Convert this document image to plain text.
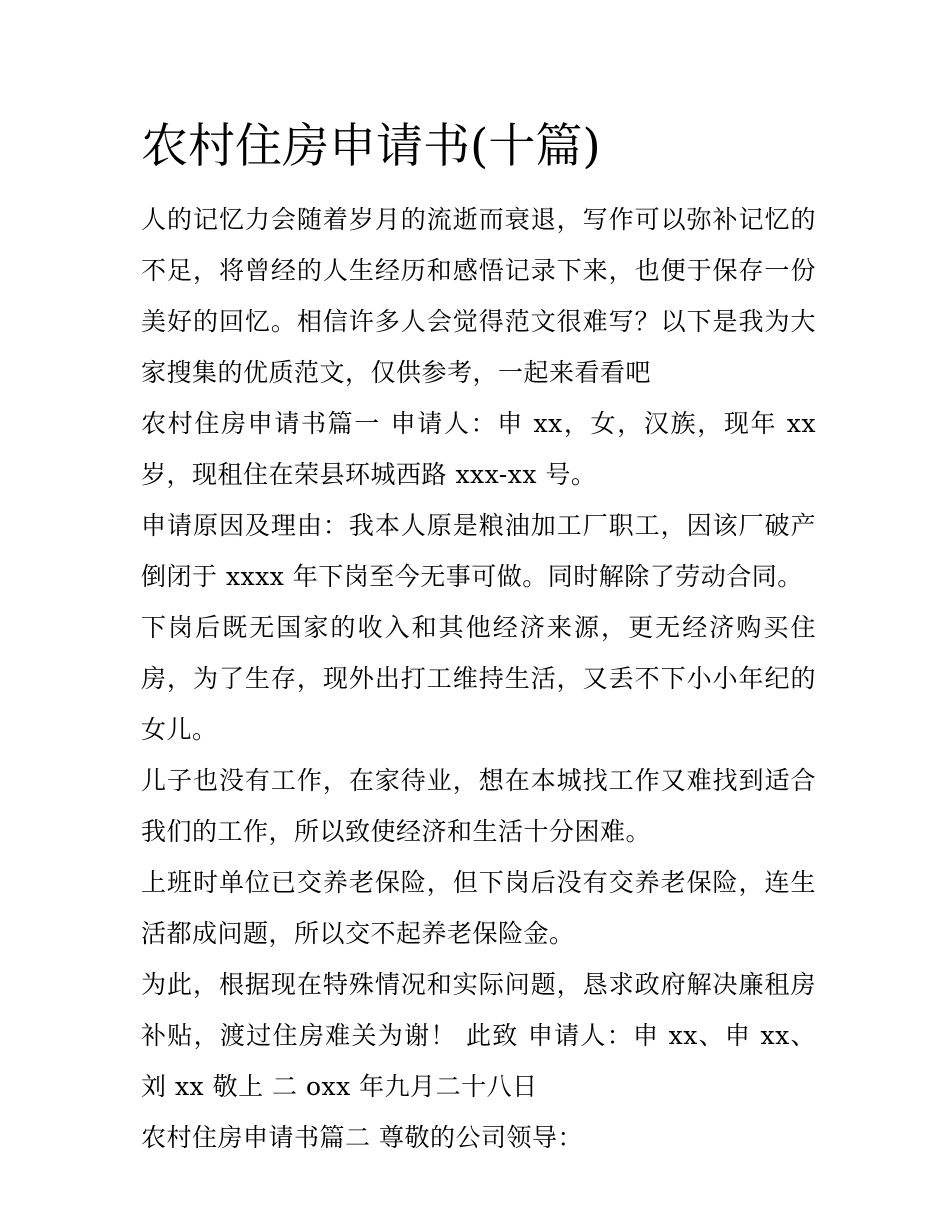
农村住房申请书(十篇)

人的记忆力会随着岁月的流逝而衰退，写作可以弥补记忆的不足，将曾经的人生经历和感悟记录下来，也便于保存一份美好的回忆。相信许多人会觉得范文很难写？以下是我为大家搜集的优质范文，仅供参考，一起来看看吧

农村住房申请书篇一 申请人：申 xx，女，汉族，现年 xx 岁，现租住在荣县环城西路 xxx-xx 号。

申请原因及理由：我本人原是粮油加工厂职工，因该厂破产倒闭于 xxxx 年下岗至今无事可做。同时解除了劳动合同。

下岗后既无国家的收入和其他经济来源，更无经济购买住房，为了生存，现外出打工维持生活，又丢不下小小年纪的女儿。

儿子也没有工作，在家待业，想在本城找工作又难找到适合我们的工作，所以致使经济和生活十分困难。

上班时单位已交养老保险，但下岗后没有交养老保险，连生活都成问题，所以交不起养老保险金。

为此，根据现在特殊情况和实际问题，恳求政府解决廉租房补贴，渡过住房难关为谢！ 此致 申请人：申 xx、申 xx、刘 xx 敬上 二 oxx 年九月二十八日

农村住房申请书篇二 尊敬的公司领导：
